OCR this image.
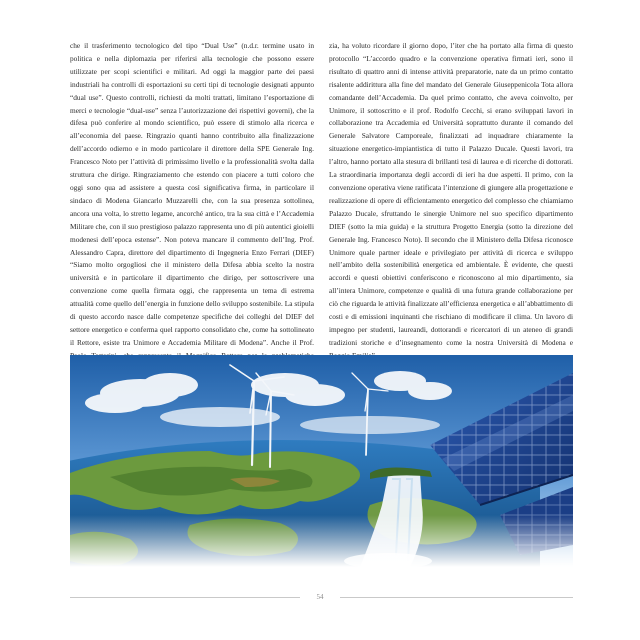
che il trasferimento tecnologico del tipo “Dual Use” (n.d.r. termine usato in politica e nella diplomazia per riferirsi alla tecnologie che possono essere utilizzate per scopi scientifici e militari. Ad oggi la maggior parte dei paesi industriali ha controlli di esportazioni su certi tipi di tecnologie designati appunto “dual use”. Questo controlli, richiesti da molti trattati, limitano l’esportazione di merci e tecnologie “dual-use” senza l’autorizzazione dei rispettivi governi), che la difesa può conferire al mondo scientifico, può essere di stimolo alla ricerca e all’economia del paese. Ringrazio quanti hanno contribuito alla finalizzazione dell’accordo odierno e in modo particolare il direttore della SPE Generale Ing. Francesco Noto per l’attività di primissimo livello e la professionalità svolta dalla struttura che dirige. Ringraziamento che estendo con piacere a tutti coloro che oggi sono qua ad assistere a questa così significativa firma, in particolare il sindaco di Modena Giancarlo Muzzarelli che, con la sua presenza sottolinea, ancora una volta, lo stretto legame, ancorché antico, tra la sua città e l’Accademia Militare che, con il suo prestigioso palazzo rappresenta uno di più autentici gioielli modenesi dell’epoca estense”. Non poteva mancare il commento dell’Ing. Prof. Alessandro Capra, direttore del dipartimento di Ingegneria Enzo Ferrari (DIEF) “Siamo molto orgogliosi che il ministero della Difesa abbia scelto la nostra università e in particolare il dipartimento che dirigo, per sottoscrivere una convenzione come quella firmata oggi, che rappresenta un tema di estrema attualità come quello dell’energia in funzione dello sviluppo sostenibile. La stipula di questo accordo nasce dalle competenze specifiche dei colleghi del DIEF del settore energetico e conferma quel rapporto consolidato che, come ha sottolineato il Rettore, esiste tra Unimore e Accademia Militare di Modena”. Anche il Prof.

zia, ha voluto ricordare il giorno dopo, l’iter che ha portato alla firma di questo protocollo “L’accordo quadro e la convenzione operativa firmati ieri, sono il risultato di quattro anni di intense attività preparatorie, nate da un primo contatto risalente addirittura alla fine del mandato del Generale Giuseppenicola Tota allora comandante dell’Accademia. Da quel primo contatto, che aveva coinvolto, per Unimore, il sottoscritto e il prof. Rodolfo Cecchi, si erano sviluppati lavori in collaborazione tra Accademia ed Università soprattutto durante il comando del Generale Salvatore Camporeale, finalizzati ad inquadrare chiaramente la situazione energetico-impiantistica di tutto il Palazzo Ducale. Questi lavori, tra l’altro, hanno portato alla stesura di brillanti tesi di laurea e di ricerche di dottorati. La straordinaria importanza degli accordi di ieri ha due aspetti. Il primo, con la convenzione operativa viene ratificata l’intenzione di giungere alla progettazione e realizzazione di opere di efficientamento energetico del complesso che chiamiamo Palazzo Ducale, sfruttando le sinergie Unimore nel suo specifico dipartimento DIEF (sotto la mia guida) e la struttura Progetto Energia (sotto la direzione del Generale Ing. Francesco Noto). Il secondo che il Ministero della Difesa riconosce Unimore quale partner ideale e privilegiato per attività di ricerca e sviluppo nell’ambito della sostenibilità energetica ed ambientale. È evidente, che questi accordi e questi obiettivi conferiscono e riconoscono al mio dipartimento, sia all’intera Unimore, competenze e qualità di una futura grande collaborazione per ciò che riguarda le attività finalizzate all’efficienza energetica e all’abbattimento di costi e di emissioni inquinanti che rischiano di modificare il clima. Un lavoro di impegno per studenti, laureandi, dottorandi e ricercatori di un ateneo di grandi tradizioni storiche e d’insegnamento come la nostra Università di Modena e

54
